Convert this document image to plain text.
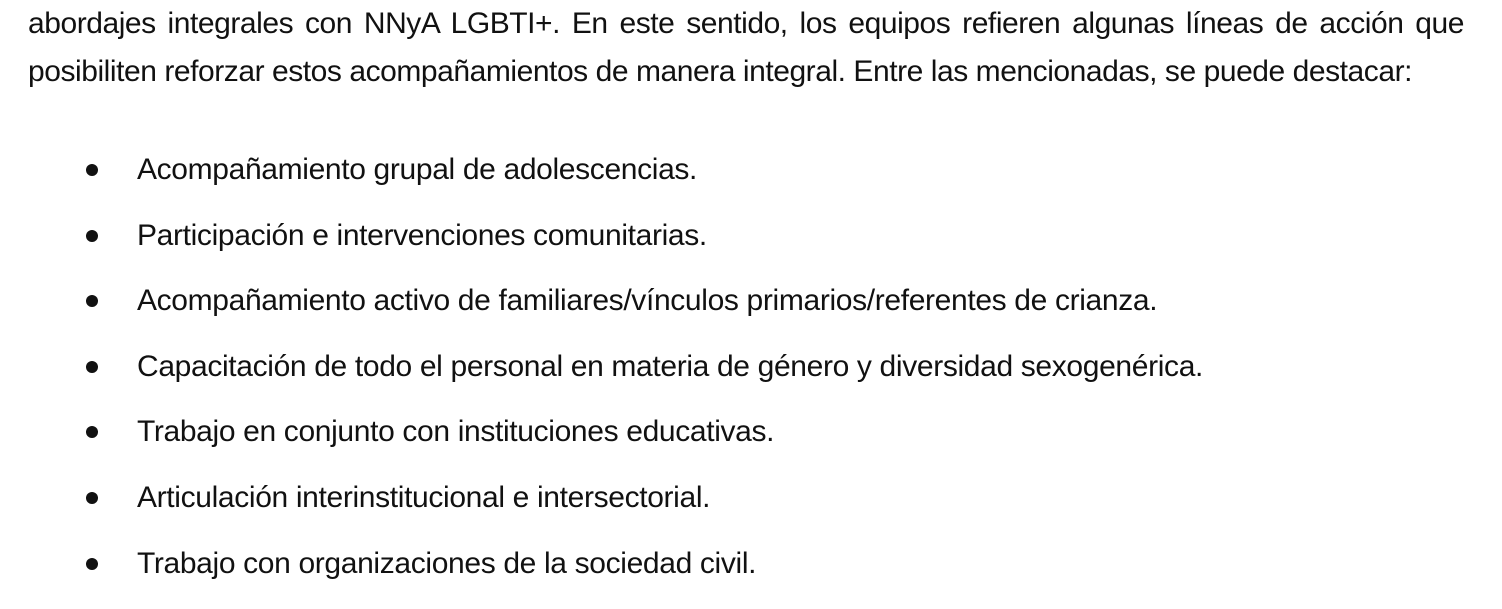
abordajes integrales con NNyA LGBTI+. En este sentido, los equipos refieren algunas líneas de acción que posibiliten reforzar estos acompañamientos de manera integral. Entre las mencionadas, se puede destacar:

Acompañamiento grupal de adolescencias.
Participación e intervenciones comunitarias.
Acompañamiento activo de familiares/vínculos primarios/referentes de crianza.
Capacitación de todo el personal en materia de género y diversidad sexogenérica.
Trabajo en conjunto con instituciones educativas.
Articulación interinstitucional e intersectorial.
Trabajo con organizaciones de la sociedad civil.
